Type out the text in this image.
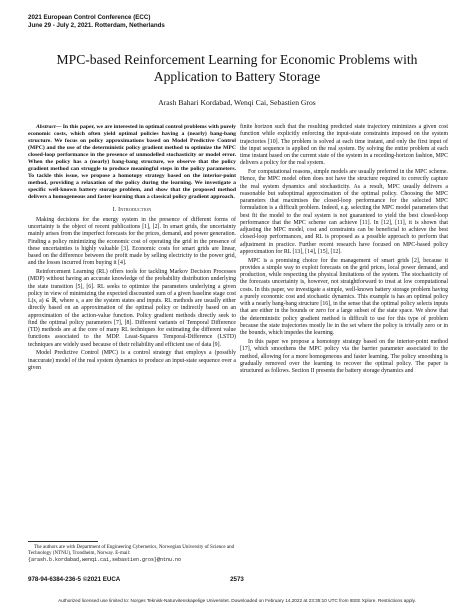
2021 European Control Conference (ECC)
June 29 - July 2, 2021. Rotterdam, Netherlands
MPC-based Reinforcement Learning for Economic Problems with
Application to Battery Storage
Arash Bahari Kordabad, Wenqi Cai, Sebastien Gros

Abstract— In this paper, we are interested in optimal control problems with purely economic costs, which often yield optimal policies having a (nearly) bang-bang structure. We focus on policy approximations based on Model Predictive Control (MPC) and the use of the deterministic policy gradient method to optimize the MPC closed-loop performance in the presence of unmodelled stochasticity or model error. When the policy has a (nearly) bang-bang structure, we observe that the policy gradient method can struggle to produce meaningful steps in the policy parameters. To tackle this issue, we propose a homotopy strategy based on the interior-point method, providing a relaxation of the policy during the learning. We investigate a specific well-known battery storage problem, and show that the proposed method delivers a homogeneous and faster learning than a classical policy gradient approach.

I. Introduction

Making decisions for the energy system in the presence of different forms of uncertainty is the object of recent publications [1], [2]. In smart grids, the uncertainty mainly arises from the imperfect forecasts for the prices, demand, and power generation. Finding a policy minimizing the economic cost of operating the grid in the presence of these uncertainties is highly valuable [3]. Economic costs for smart grids are linear, based on the difference between the profit made by selling electricity to the power grid, and the losses incurred from buying it [4].

Reinforcement Learning (RL) offers tools for tackling Markov Decision Processes (MDP) without having an accurate knowledge of the probability distribution underlying the state transition [5], [6]. RL seeks to optimize the parameters underlying a given policy in view of minimizing the expected discounted sum of a given baseline stage cost L(s, a) ∈ ℝ, where s, a are the system states and inputs. RL methods are usually either directly based on an approximation of the optimal policy or indirectly based on an approximation of the action-value function. Policy gradient methods directly seek to find the optimal policy parameters [7], [8]. Different variants of Temporal Difference (TD) methods are at the core of many RL techniques for estimating the different value functions associated to the MDP. Least-Squares Temporal-Difference (LSTD) techniques are widely used because of their reliability and efficient use of data [9].

Model Predictive Control (MPC) is a control strategy that employs a (possibly inaccurate) model of the real system dynamics to produce an input-state sequence over a given

The authors are with Department of Engineering Cybernetics, Norwegian University of Science and Technology (NTNU), Trondheim, Norway. E-mail: {arash.b.kordabad,wenqi.cai,sebastien.gros}@ntnu.no

finite horizon such that the resulting predicted state trajectory minimizes a given cost function while explicitly enforcing the input-state constraints imposed on the system trajectories [10]. The problem is solved at each time instant, and only the first input of the input sequence is applied on the real system. By solving the entire problem at each time instant based on the current state of the system in a receding-horizon fashion, MPC delivers a policy for the real system.

For computational reasons, simple models are usually preferred in the MPC scheme. Hence, the MPC model often does not have the structure required to correctly capture the real system dynamics and stochasticity. As a result, MPC usually delivers a reasonable but suboptimal approximation of the optimal policy. Choosing the MPC parameters that maximises the closed-loop performance for the selected MPC formulation is a difficult problem. Indeed, e.g. selecting the MPC model parameters that best fit the model to the real system is not guaranteed to yield the best closed-loop performance that the MPC scheme can achieve [11]. In [12], [11], it is shown that adjusting the MPC model, cost and constraints can be beneficial to achieve the best closed-loop performances, and RL is proposed as a possible approach to perform that adjustment in practice. Further recent research have focused on MPC-based policy approximation for RL [13], [14], [15], [12].

MPC is a promising choice for the management of smart grids [2], because it provides a simple way to exploit forecasts on the grid prices, local power demand, and production, while respecting the physical limitations of the system. The stochasticity of the forecasts uncertainty is, however, not straightforward to treat at low computational costs. In this paper, we investigate a simple, well-known battery storage problem having a purely economic cost and stochastic dynamics. This example is has an optimal policy with a nearly bang-bang structure [16], in the sense that the optimal policy selects inputs that are either in the bounds or zero for a large subset of the state space. We show that the deterministic policy gradient method is difficult to use for this type of problem because the state trajectories mostly lie in the set where the policy is trivially zero or in the bounds, which impedes the learning.

In this paper we propose a homotopy strategy based on the interior-point method [17], which smoothens the MPC policy via the barrier parameter associated to the method, allowing for a more homogeneous and faster learning. The policy smoothing is gradually removed over the learning to recover the optimal policy. The paper is structured as follows. Section II presents the battery storage dynamics and

978-94-6384-236-5 ©2021 EUCA	2573
Authorized licensed use limited to: Norges Teknisk-Naturvitenskapelige Universitet. Downloaded on February 14,2022 at 23:35:10 UTC from IEEE Xplore. Restrictions apply.
